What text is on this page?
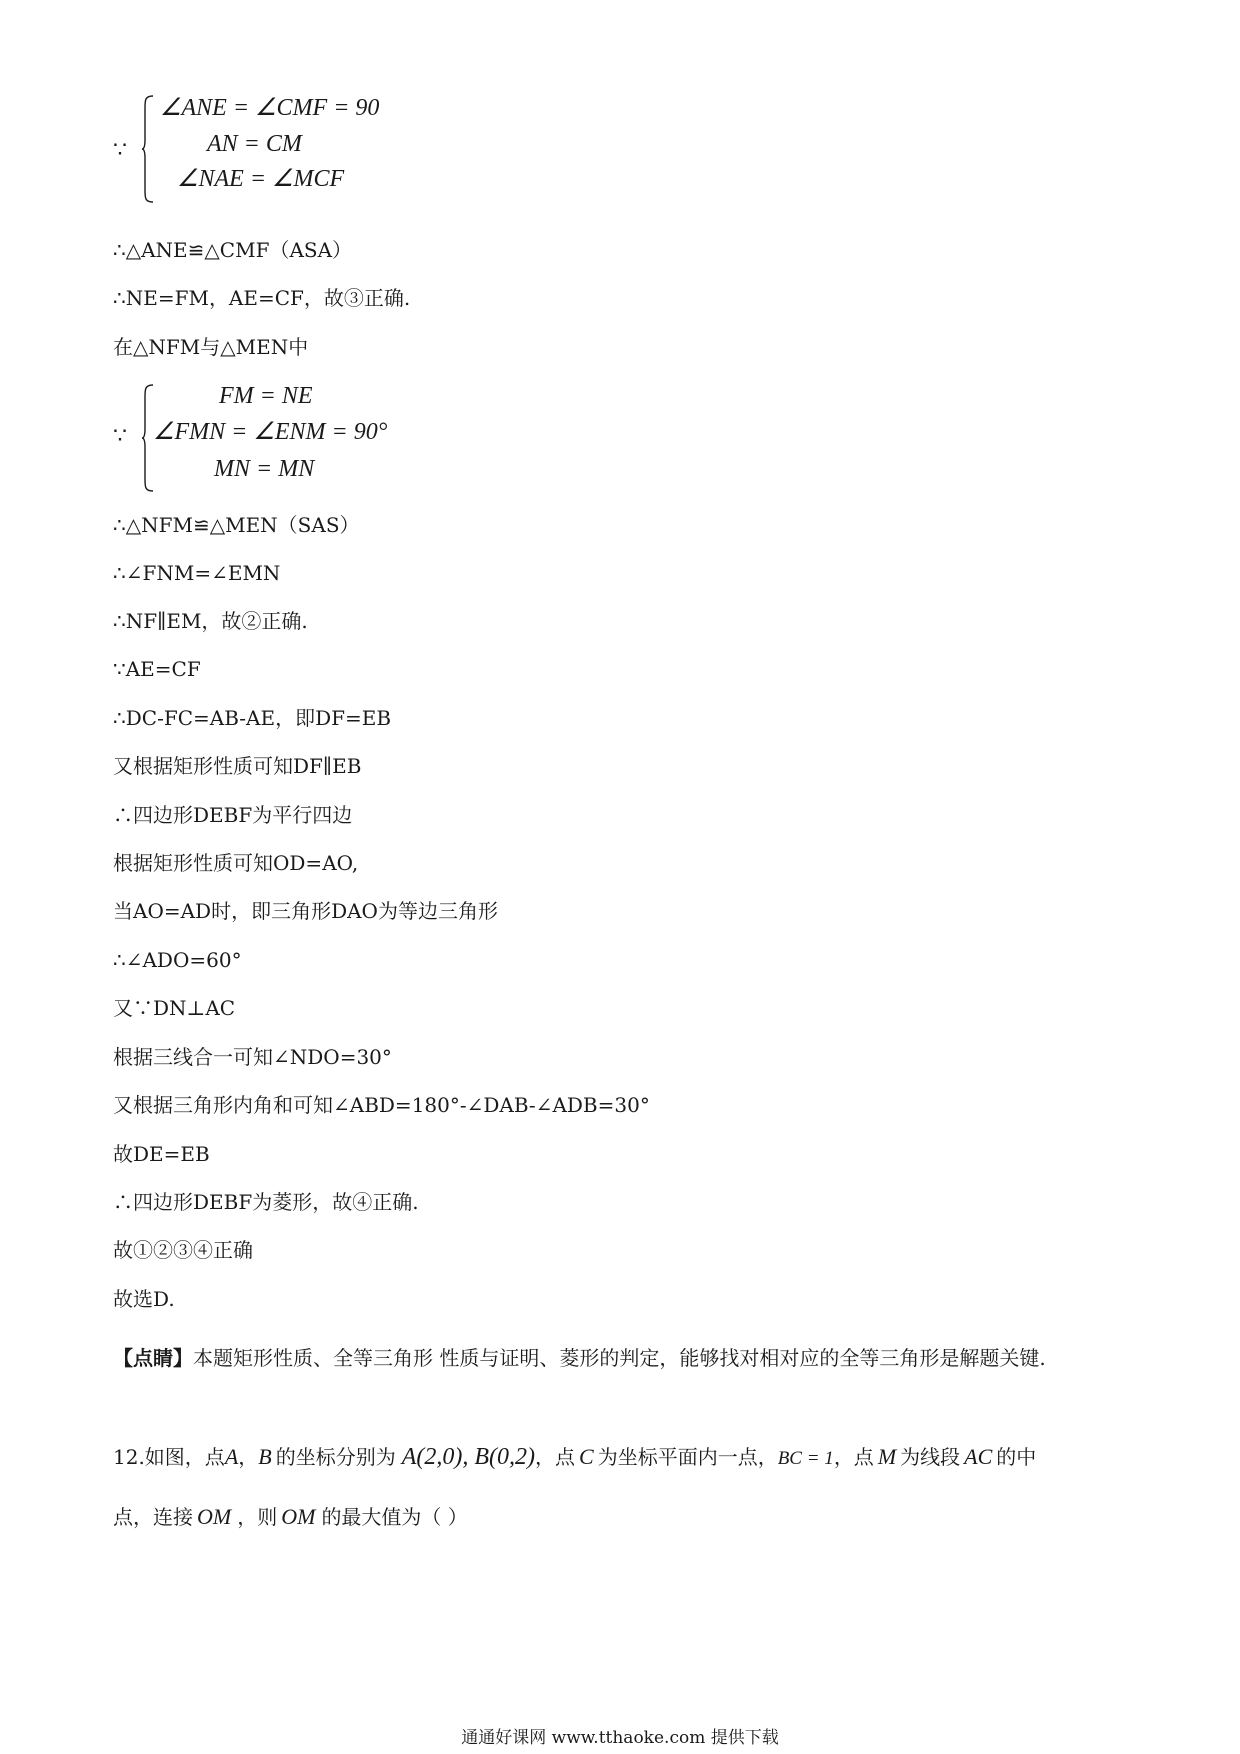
∵
∠ANE = ∠CMF = 90
AN = CM
∠NAE = ∠MCF
∴△ANE≌△CMF（ASA）
∴NE=FM，AE=CF，故③正确.
在△NFM与△MEN中
∵
FM = NE
∠FMN = ∠ENM = 90°
MN = MN
∴△NFM≌△MEN（SAS）
∴∠FNM=∠EMN
∴NF∥EM，故②正确.
∵AE=CF
∴DC-FC=AB-AE，即DF=EB
又根据矩形性质可知DF∥EB
∴四边形DEBF为平行四边
根据矩形性质可知OD=AO,
当AO=AD时，即三角形DAO为等边三角形
∴∠ADO=60°
又∵DN⊥AC
根据三线合一可知∠NDO=30°
又根据三角形内角和可知∠ABD=180°-∠DAB-∠ADB=30°
故DE=EB
∴四边形DEBF为菱形，故④正确.
故①②③④正确
故选D.
【点睛】本题矩形性质、全等三角形 性质与证明、菱形的判定，能够找对相对应的全等三角形是解题关键.
12.如图，点A，B 的坐标分别为 A(2,0), B(0,2)，点 C 为坐标平面内一点，BC = 1，点 M 为线段 AC 的中
点，连接 OM ，则 OM 的最大值为（ ）
通通好课网 www.tthaoke.com 提供下载
